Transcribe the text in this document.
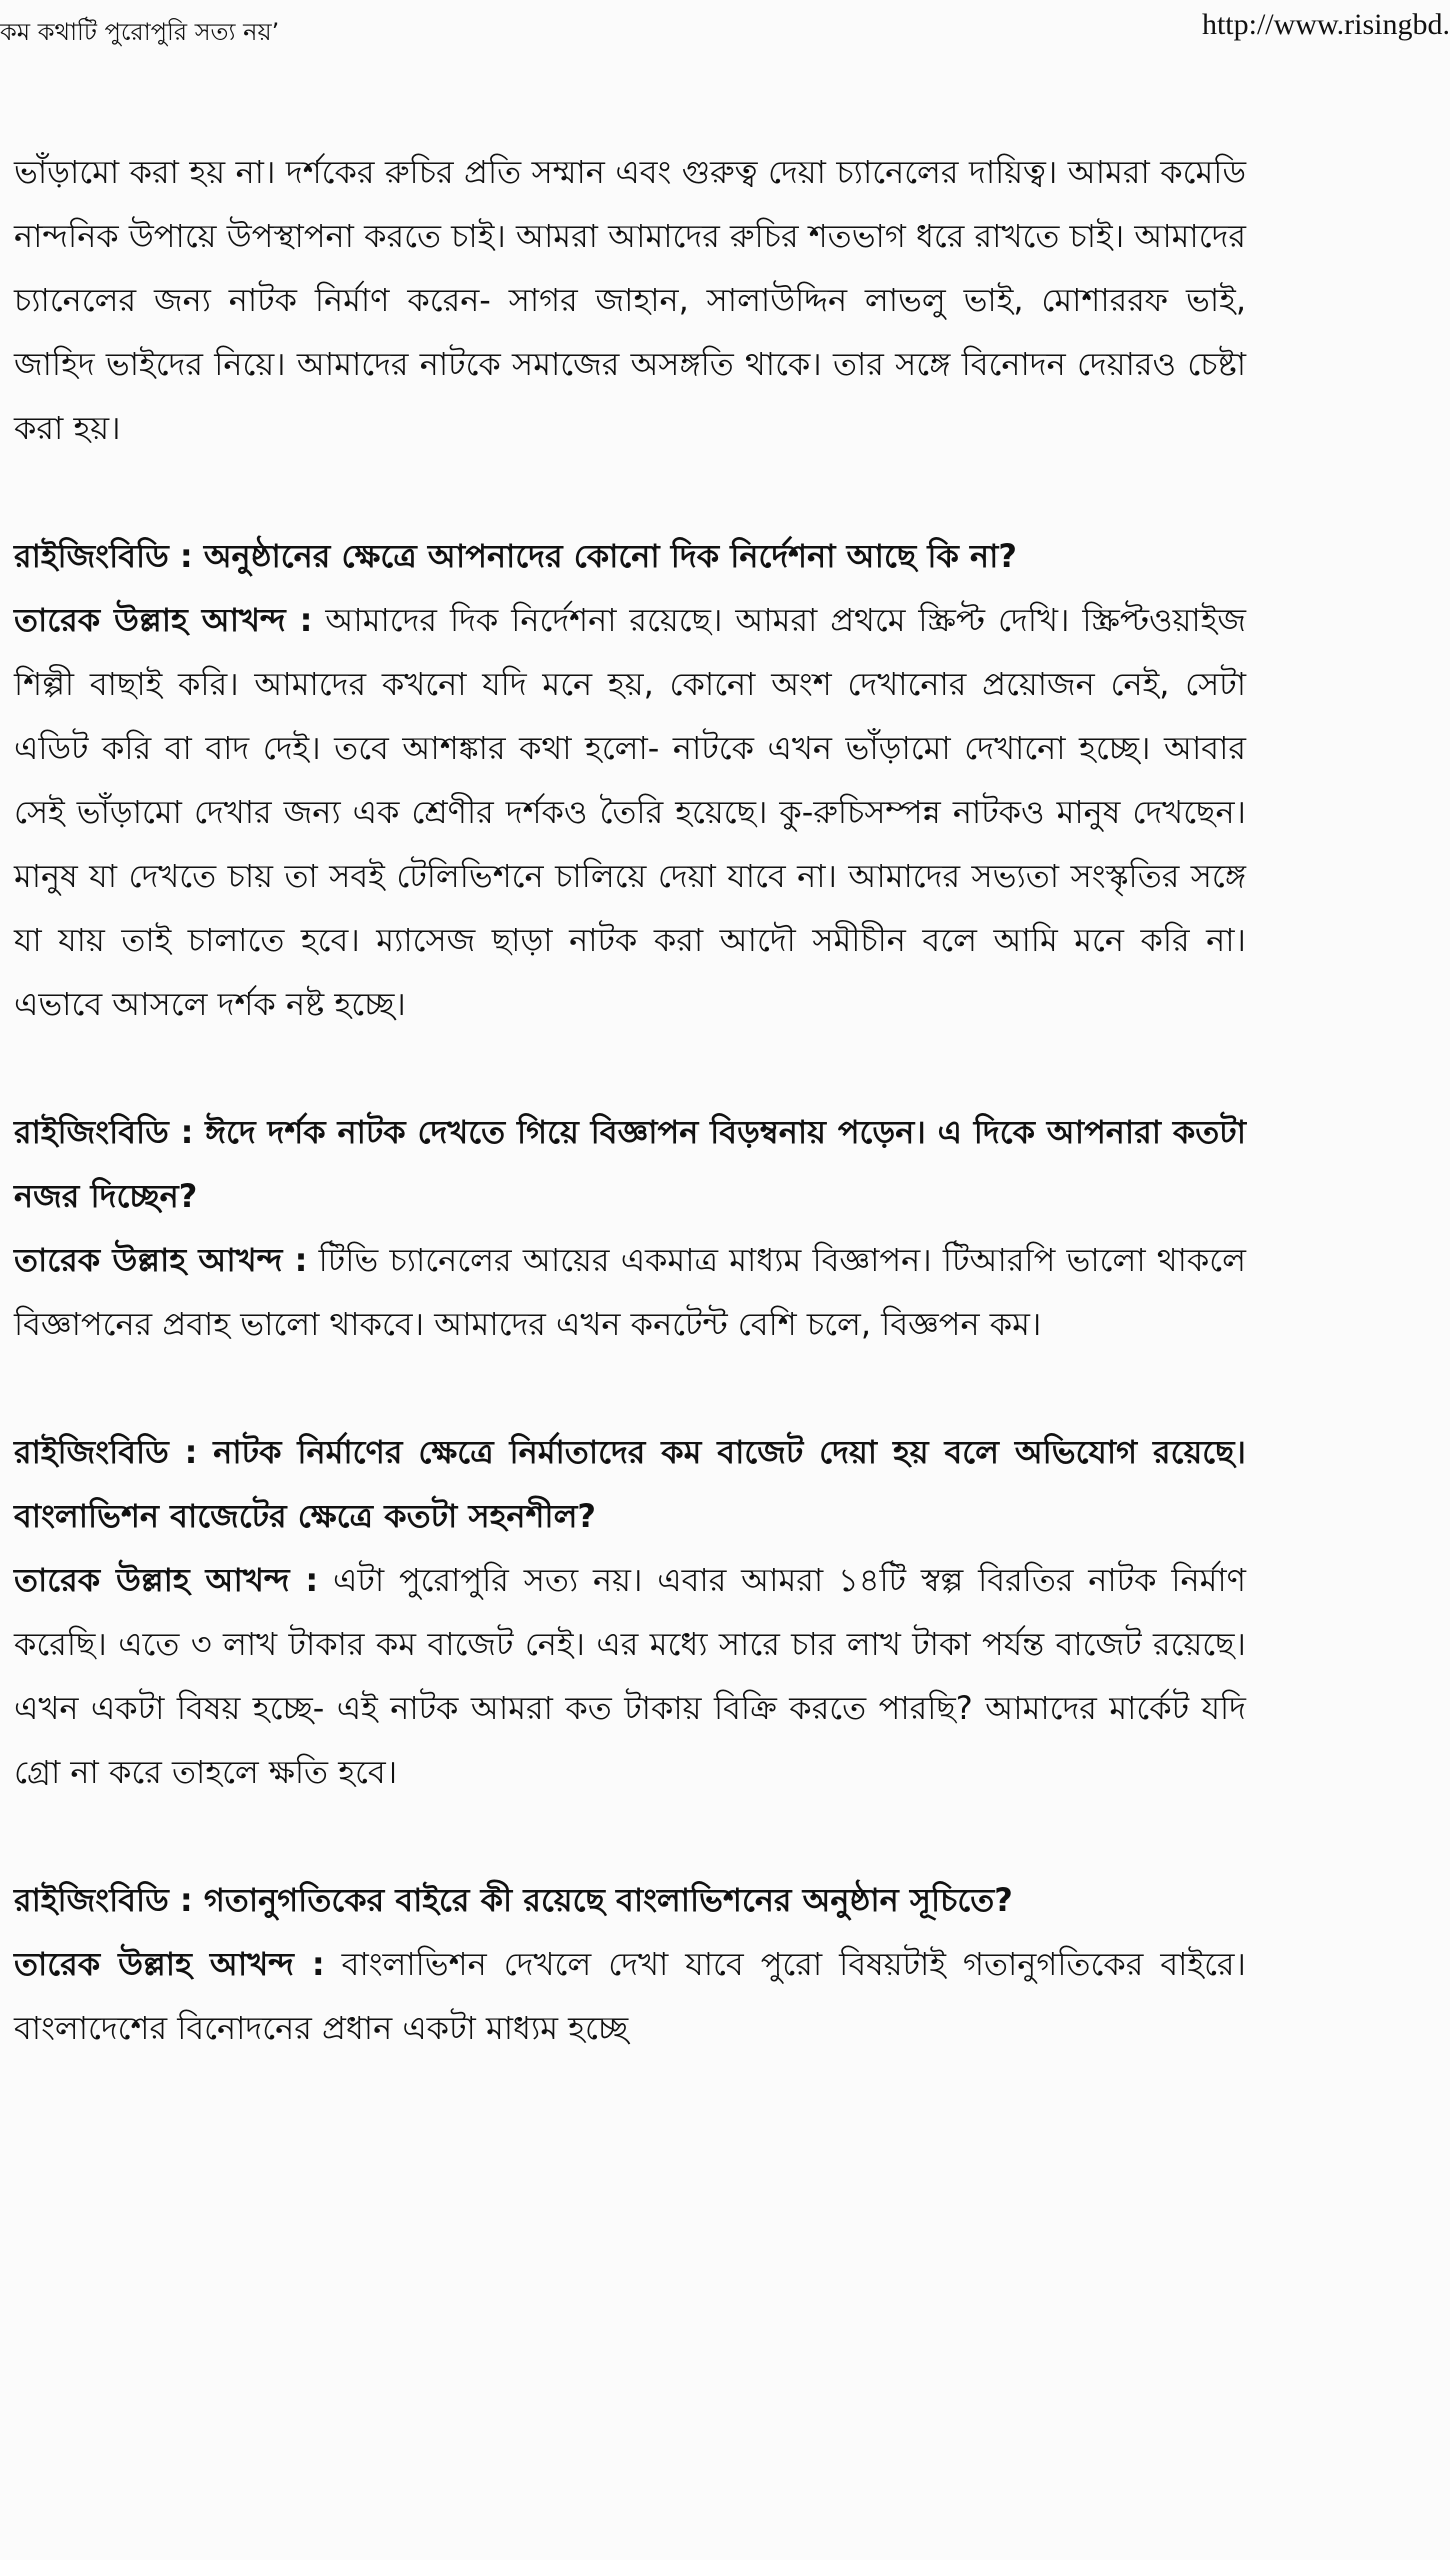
কম কথাটি পুরোপুরি সত্য নয়’	http://www.risingbd.

ভাঁড়ামো করা হয় না। দর্শকের রুচির প্রতি সম্মান এবং গুরুত্ব দেয়া চ্যানেলের দায়িত্ব। আমরা কমেডি নান্দনিক উপায়ে উপস্থাপনা করতে চাই। আমরা আমাদের রুচির শতভাগ ধরে রাখতে চাই। আমাদের চ্যানেলের জন্য নাটক নির্মাণ করেন- সাগর জাহান, সালাউদ্দিন লাভলু ভাই, মোশাররফ ভাই, জাহিদ ভাইদের নিয়ে। আমাদের নাটকে সমাজের অসঙ্গতি থাকে। তার সঙ্গে বিনোদন দেয়ারও চেষ্টা করা হয়।

রাইজিংবিডি : অনুষ্ঠানের ক্ষেত্রে আপনাদের কোনো দিক নির্দেশনা আছে কি না?

তারেক উল্লাহ আখন্দ : আমাদের দিক নির্দেশনা রয়েছে। আমরা প্রথমে স্ক্রিপ্ট দেখি। স্ক্রিপ্টওয়াইজ শিল্পী বাছাই করি। আমাদের কখনো যদি মনে হয়, কোনো অংশ দেখানোর প্রয়োজন নেই, সেটা এডিট করি বা বাদ দেই। তবে আশঙ্কার কথা হলো- নাটকে এখন ভাঁড়ামো দেখানো হচ্ছে। আবার সেই ভাঁড়ামো দেখার জন্য এক শ্রেণীর দর্শকও তৈরি হয়েছে। কু-রুচিসম্পন্ন নাটকও মানুষ দেখছেন। মানুষ যা দেখতে চায় তা সবই টেলিভিশনে চালিয়ে দেয়া যাবে না। আমাদের সভ্যতা সংস্কৃতির সঙ্গে যা যায় তাই চালাতে হবে। ম্যাসেজ ছাড়া নাটক করা আদৌ সমীচীন বলে আমি মনে করি না। এভাবে আসলে দর্শক নষ্ট হচ্ছে।

রাইজিংবিডি : ঈদে দর্শক নাটক দেখতে গিয়ে বিজ্ঞাপন বিড়ম্বনায় পড়েন। এ দিকে আপনারা কতটা নজর দিচ্ছেন?

তারেক উল্লাহ আখন্দ : টিভি চ্যানেলের আয়ের একমাত্র মাধ্যম বিজ্ঞাপন। টিআরপি ভালো থাকলে বিজ্ঞাপনের প্রবাহ ভালো থাকবে। আমাদের এখন কনটেন্ট বেশি চলে, বিজ্ঞপন কম।

রাইজিংবিডি : নাটক নির্মাণের ক্ষেত্রে নির্মাতাদের কম বাজেট দেয়া হয় বলে অভিযোগ রয়েছে। বাংলাভিশন বাজেটের ক্ষেত্রে কতটা সহনশীল?

তারেক উল্লাহ আখন্দ : এটা পুরোপুরি সত্য নয়। এবার আমরা ১৪টি স্বল্প বিরতির নাটক নির্মাণ করেছি। এতে ৩ লাখ টাকার কম বাজেট নেই। এর মধ্যে সারে চার লাখ টাকা পর্যন্ত বাজেট রয়েছে। এখন একটা বিষয় হচ্ছে- এই নাটক আমরা কত টাকায় বিক্রি করতে পারছি? আমাদের মার্কেট যদি গ্রো না করে তাহলে ক্ষতি হবে।

রাইজিংবিডি : গতানুগতিকের বাইরে কী রয়েছে বাংলাভিশনের অনুষ্ঠান সূচিতে?

তারেক উল্লাহ আখন্দ : বাংলাভিশন দেখলে দেখা যাবে পুরো বিষয়টাই গতানুগতিকের বাইরে। বাংলাদেশের বিনোদনের প্রধান একটা মাধ্যম হচ্ছে
